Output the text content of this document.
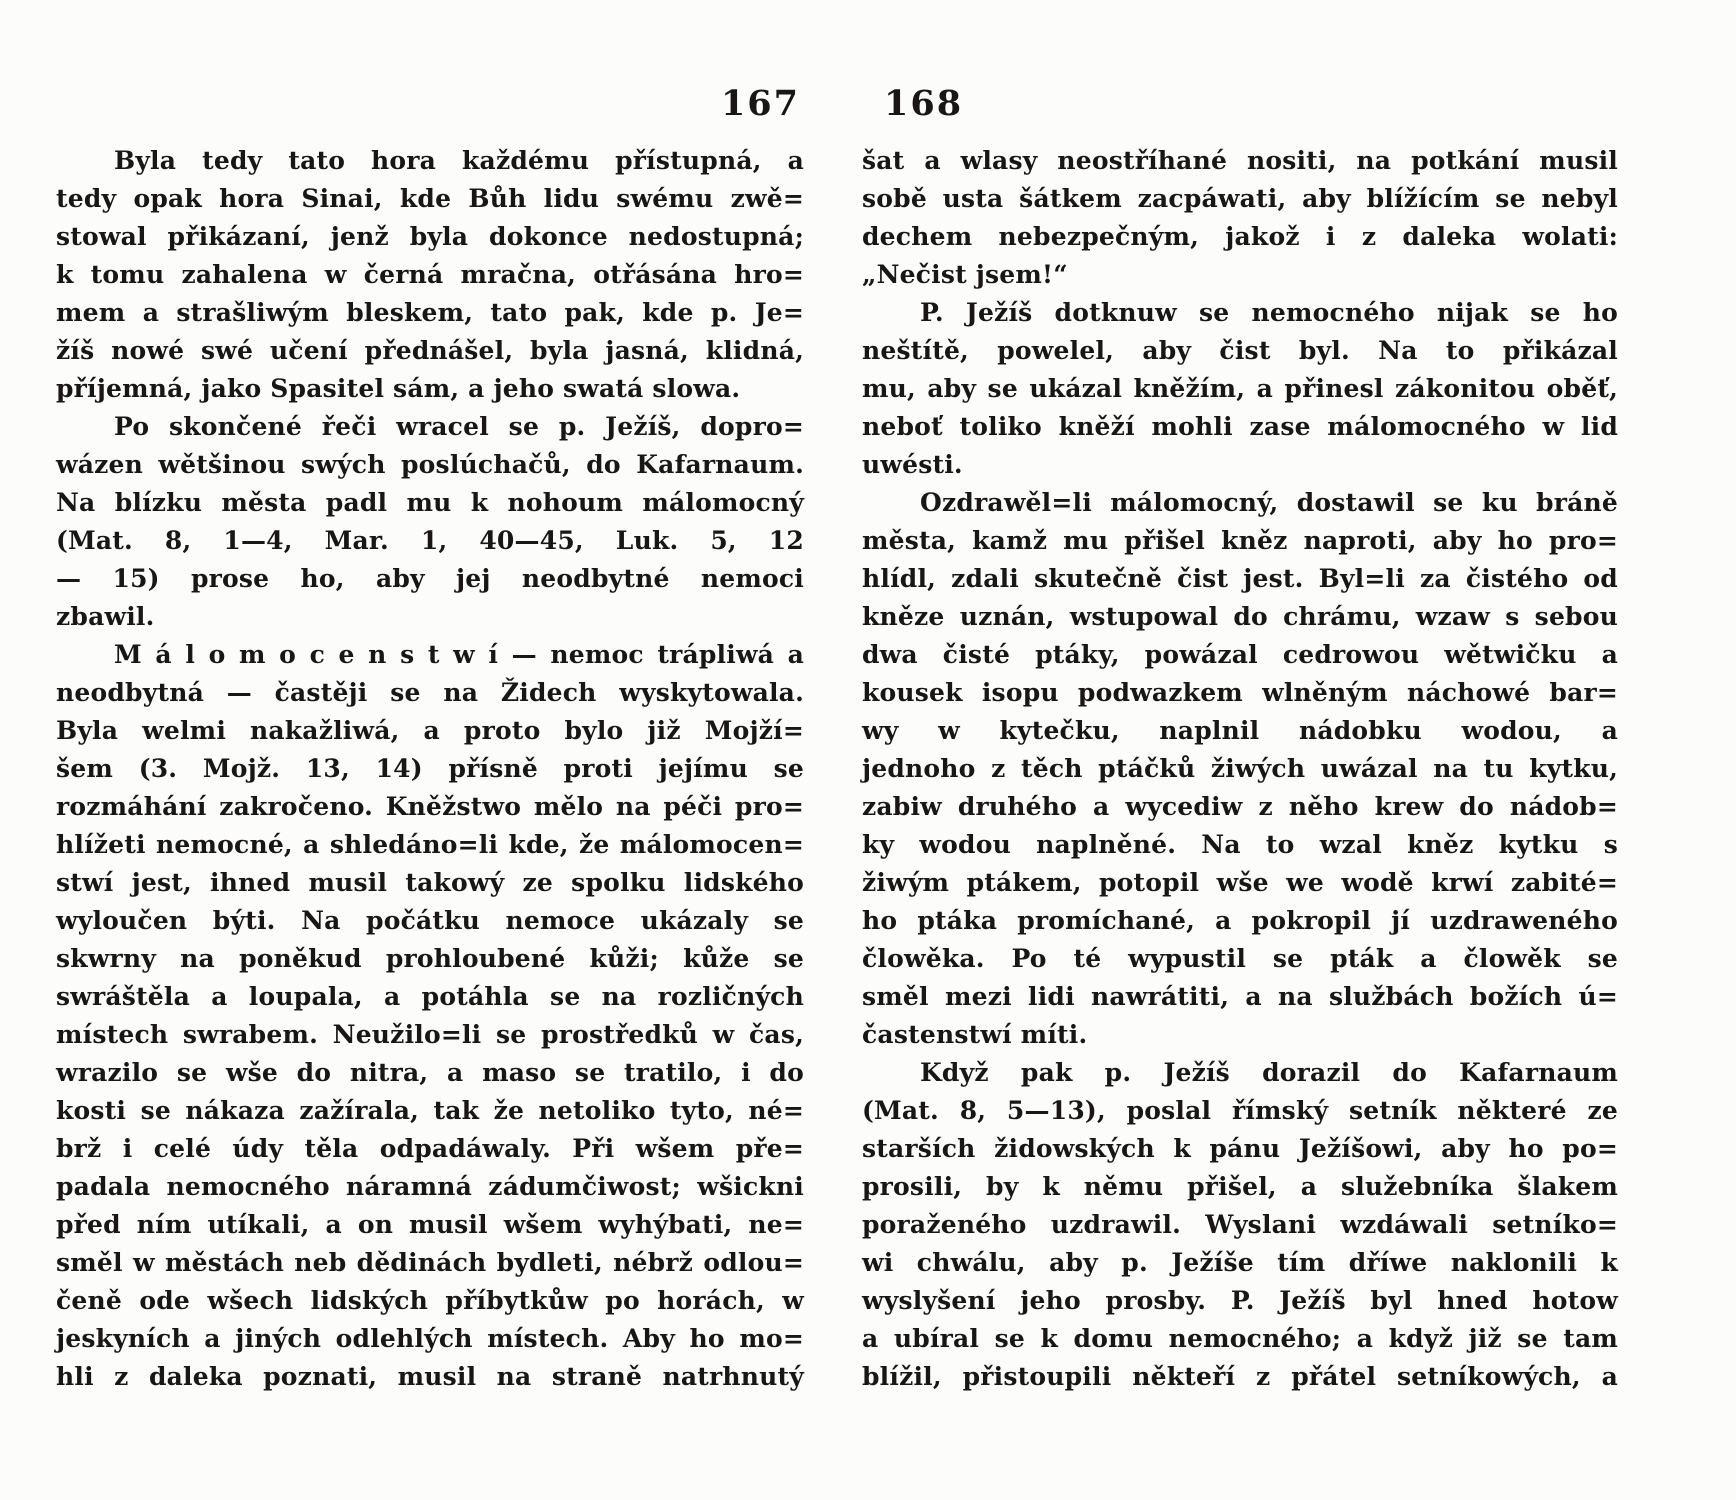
167
Byla tedy tato hora každému přístupná, a
tedy opak hora Sinai, kde Bůh lidu swému zwě=
stowal přikázaní, jenž byla dokonce nedostupná;
k tomu zahalena w černá mračna, otřásána hro=
mem a strašliwým bleskem, tato pak, kde p. Je=
žíš nowé swé učení přednášel, byla jasná, klidná,
příjemná, jako Spasitel sám, a jeho swatá slowa.
Po skončené řeči wracel se p. Ježíš, dopro=
wázen wětšinou swých poslúchačů, do Kafarnaum.
Na blízku města padl mu k nohoum málomocný
(Mat. 8, 1—4, Mar. 1, 40—45, Luk. 5, 12
— 15) prose ho, aby jej neodbytné nemoci
zbawil.
M á l o m o c e n s t w í — nemoc trápliwá a
neodbytná — častěji se na Židech wyskytowala.
Byla welmi nakažliwá, a proto bylo již Mojží=
šem (3. Mojž. 13, 14) přísně proti jejímu se
rozmáhání zakročeno. Kněžstwo mělo na péči pro=
hlížeti nemocné, a shledáno=li kde, že málomocen=
stwí jest, ihned musil takowý ze spolku lidského
wyloučen býti. Na počátku nemoce ukázaly se
skwrny na poněkud prohloubené kůži; kůže se
swráštěla a loupala, a potáhla se na rozličných
místech swrabem. Neužilo=li se prostředků w čas,
wrazilo se wše do nitra, a maso se tratilo, i do
kosti se nákaza zažírala, tak že netoliko tyto, né=
brž i celé údy těla odpadáwaly. Při wšem pře=
padala nemocného náramná zádumčiwost; wšickni
před ním utíkali, a on musil wšem wyhýbati, ne=
směl w městách neb dědinách bydleti, nébrž odlou=
čeně ode wšech lidských příbytkůw po horách, w
jeskyních a jiných odlehlých místech. Aby ho mo=
hli z daleka poznati, musil na straně natrhnutý
168
šat a wlasy neostříhané nositi, na potkání musil
sobě usta šátkem zacpáwati, aby blížícím se nebyl
dechem nebezpečným, jakož i z daleka wolati:
„Nečist jsem!“
P. Ježíš dotknuw se nemocného nijak se ho
neštítě, powelel, aby čist byl. Na to přikázal
mu, aby se ukázal kněžím, a přinesl zákonitou oběť,
neboť toliko kněží mohli zase málomocného w lid
uwésti.
Ozdrawěl=li málomocný, dostawil se ku bráně
města, kamž mu přišel kněz naproti, aby ho pro=
hlídl, zdali skutečně čist jest. Byl=li za čistého od
kněze uznán, wstupowal do chrámu, wzaw s sebou
dwa čisté ptáky, powázal cedrowou wětwičku a
kousek isopu podwazkem wlněným náchowé bar=
wy w kytečku, naplnil nádobku wodou, a
jednoho z těch ptáčků žiwých uwázal na tu kytku,
zabiw druhého a wycediw z něho krew do nádob=
ky wodou naplněné. Na to wzal kněz kytku s
žiwým ptákem, potopil wše we wodě krwí zabité=
ho ptáka promíchané, a pokropil jí uzdraweného
člowěka. Po té wypustil se pták a člowěk se
směl mezi lidi nawrátiti, a na službách božích ú=
častenstwí míti.
Když pak p. Ježíš dorazil do Kafarnaum
(Mat. 8, 5—13), poslal římský setník některé ze
starších židowských k pánu Ježíšowi, aby ho po=
prosili, by k němu přišel, a služebníka šlakem
poraženého uzdrawil. Wyslani wzdáwali setníko=
wi chwálu, aby p. Ježíše tím dříwe naklonili k
wyslyšení jeho prosby. P. Ježíš byl hned hotow
a ubíral se k domu nemocného; a když již se tam
blížil, přistoupili někteří z přátel setníkowých, a
